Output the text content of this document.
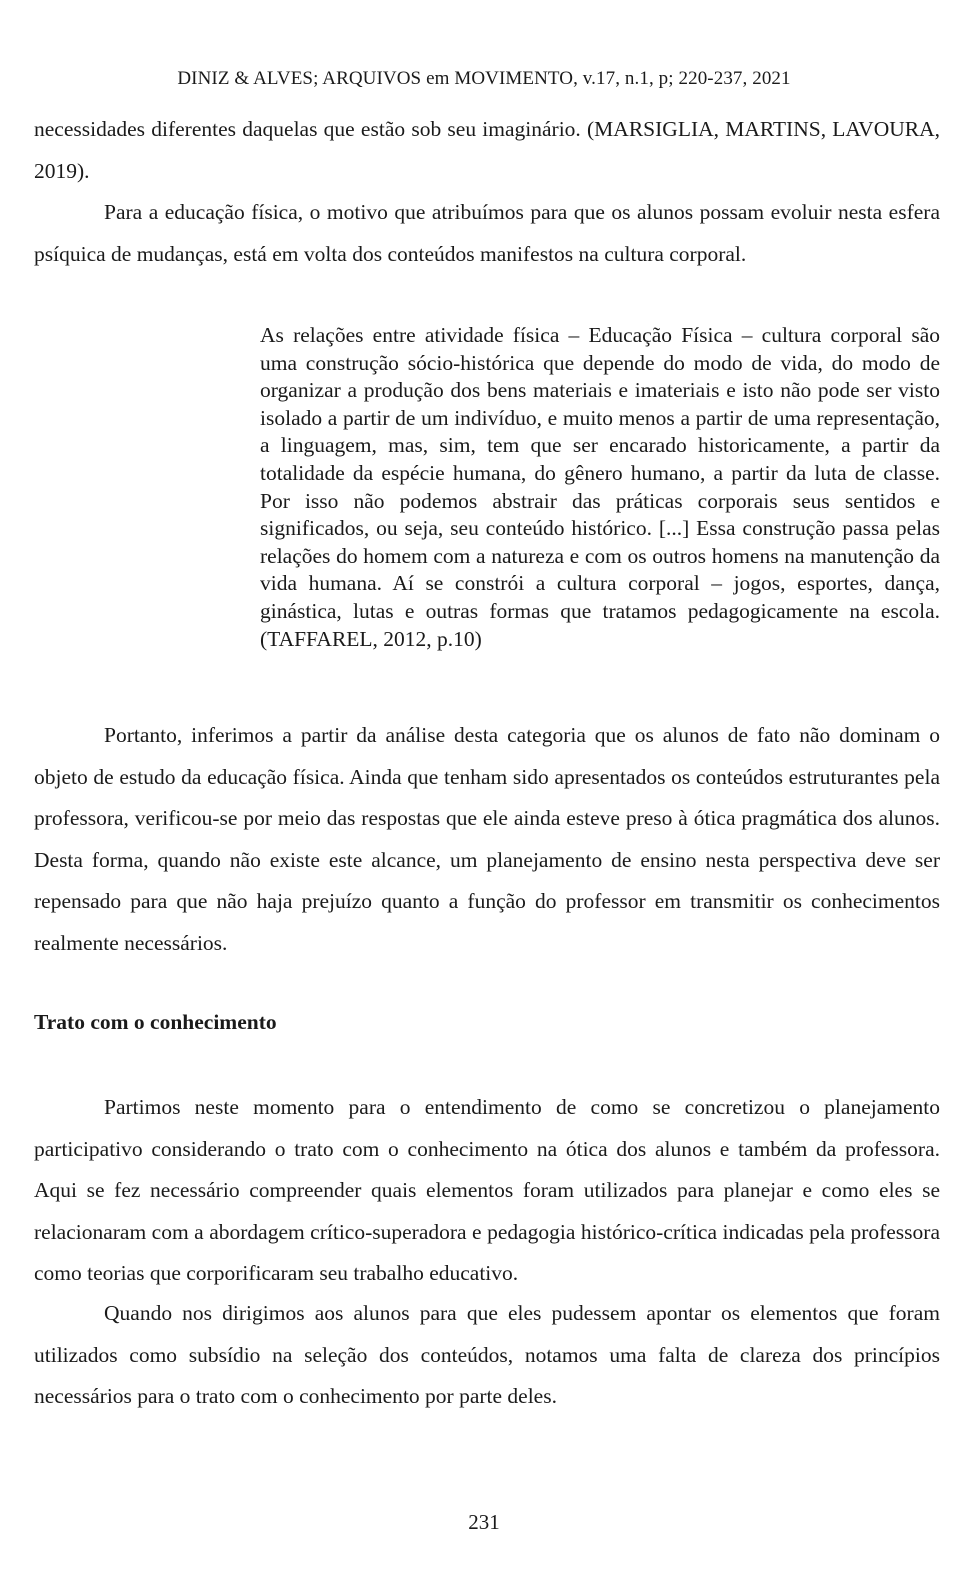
DINIZ & ALVES; ARQUIVOS em MOVIMENTO, v.17, n.1, p; 220-237, 2021

necessidades diferentes daquelas que estão sob seu imaginário. (MARSIGLIA, MARTINS, LAVOURA, 2019).

Para a educação física, o motivo que atribuímos para que os alunos possam evoluir nesta esfera psíquica de mudanças, está em volta dos conteúdos manifestos na cultura corporal.

As relações entre atividade física – Educação Física – cultura corporal são uma construção sócio-histórica que depende do modo de vida, do modo de organizar a produção dos bens materiais e imateriais e isto não pode ser visto isolado a partir de um indivíduo, e muito menos a partir de uma representação, a linguagem, mas, sim, tem que ser encarado historicamente, a partir da totalidade da espécie humana, do gênero humano, a partir da luta de classe. Por isso não podemos abstrair das práticas corporais seus sentidos e significados, ou seja, seu conteúdo histórico. [...] Essa construção passa pelas relações do homem com a natureza e com os outros homens na manutenção da vida humana. Aí se constrói a cultura corporal – jogos, esportes, dança, ginástica, lutas e outras formas que tratamos pedagogicamente na escola. (TAFFAREL, 2012, p.10)

Portanto, inferimos a partir da análise desta categoria que os alunos de fato não dominam o objeto de estudo da educação física. Ainda que tenham sido apresentados os conteúdos estruturantes pela professora, verificou-se por meio das respostas que ele ainda esteve preso à ótica pragmática dos alunos. Desta forma, quando não existe este alcance, um planejamento de ensino nesta perspectiva deve ser repensado para que não haja prejuízo quanto a função do professor em transmitir os conhecimentos realmente necessários.

Trato com o conhecimento

Partimos neste momento para o entendimento de como se concretizou o planejamento participativo considerando o trato com o conhecimento na ótica dos alunos e também da professora. Aqui se fez necessário compreender quais elementos foram utilizados para planejar e como eles se relacionaram com a abordagem crítico-superadora e pedagogia histórico-crítica indicadas pela professora como teorias que corporificaram seu trabalho educativo.

Quando nos dirigimos aos alunos para que eles pudessem apontar os elementos que foram utilizados como subsídio na seleção dos conteúdos, notamos uma falta de clareza dos princípios necessários para o trato com o conhecimento por parte deles.

231
